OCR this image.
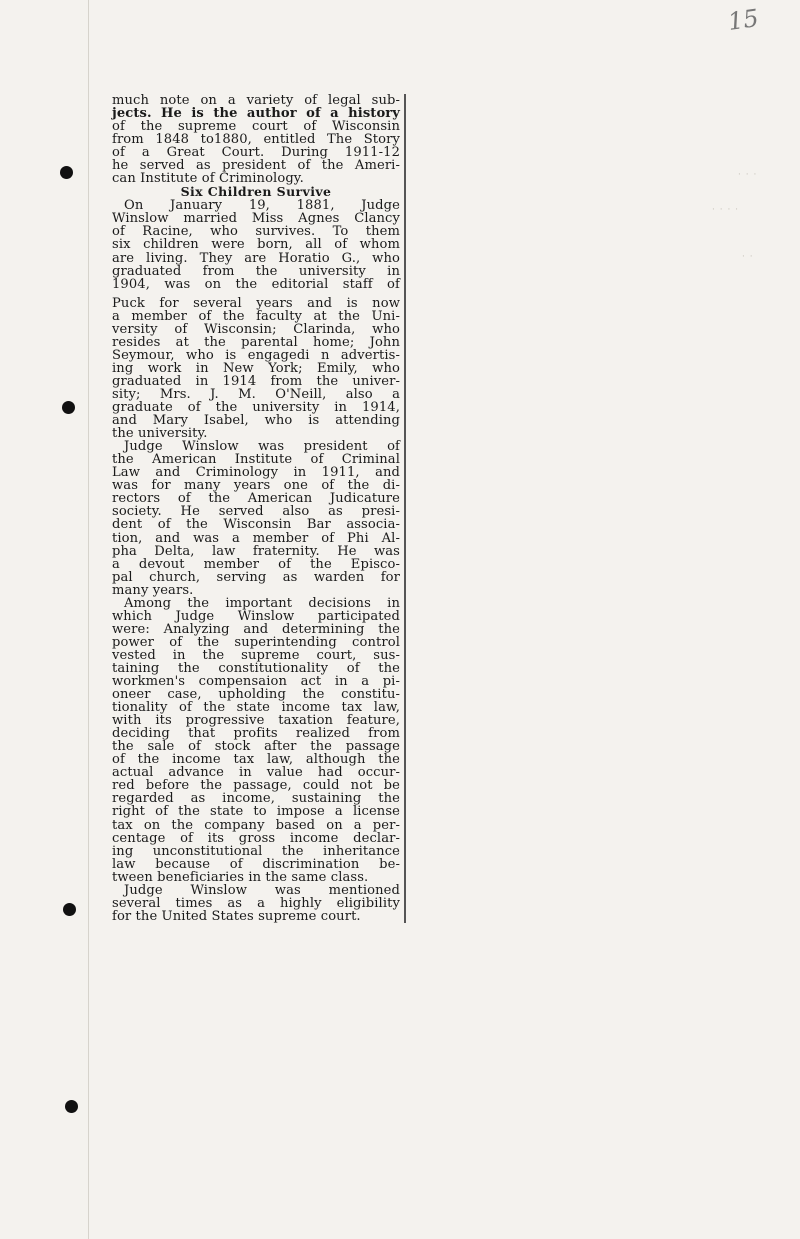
15
· · ·
· · · ·
· ·
much note on a variety of legal sub-
jects. He is the author of a history
of the supreme court of Wisconsin
from 1848 to1880, entitled The Story
of a Great Court. During 1911-12
he served as president of the Ameri-
can Institute of Criminology.
Six Children Survive
On January 19, 1881, Judge
Winslow married Miss Agnes Clancy
of Racine, who survives. To them
six children were born, all of whom
are living. They are Horatio G., who
graduated from the university in
1904, was on the editorial staff of
Puck for several years and is now
a member of the faculty at the Uni-
versity of Wisconsin; Clarinda, who
resides at the parental home; John
Seymour, who is engagedi n advertis-
ing work in New York; Emily, who
graduated in 1914 from the univer-
sity; Mrs. J. M. O'Neill, also a
graduate of the university in 1914,
and Mary Isabel, who is attending
the university.
Judge Winslow was president of
the American Institute of Criminal
Law and Criminology in 1911, and
was for many years one of the di-
rectors of the American Judicature
society. He served also as presi-
dent of the Wisconsin Bar associa-
tion, and was a member of Phi Al-
pha Delta, law fraternity. He was
a devout member of the Episco-
pal church, serving as warden for
many years.
Among the important decisions in
which Judge Winslow participated
were: Analyzing and determining the
power of the superintending control
vested in the supreme court, sus-
taining the constitutionality of the
workmen's compensaion act in a pi-
oneer case, upholding the constitu-
tionality of the state income tax law,
with its progressive taxation feature,
deciding that profits realized from
the sale of stock after the passage
of the income tax law, although the
actual advance in value had occur-
red before the passage, could not be
regarded as income, sustaining the
right of the state to impose a license
tax on the company based on a per-
centage of its gross income declar-
ing unconstitutional the inheritance
law because of discrimination be-
tween beneficiaries in the same class.
Judge Winslow was mentioned
several times as a highly eligibility
for the United States supreme court.
